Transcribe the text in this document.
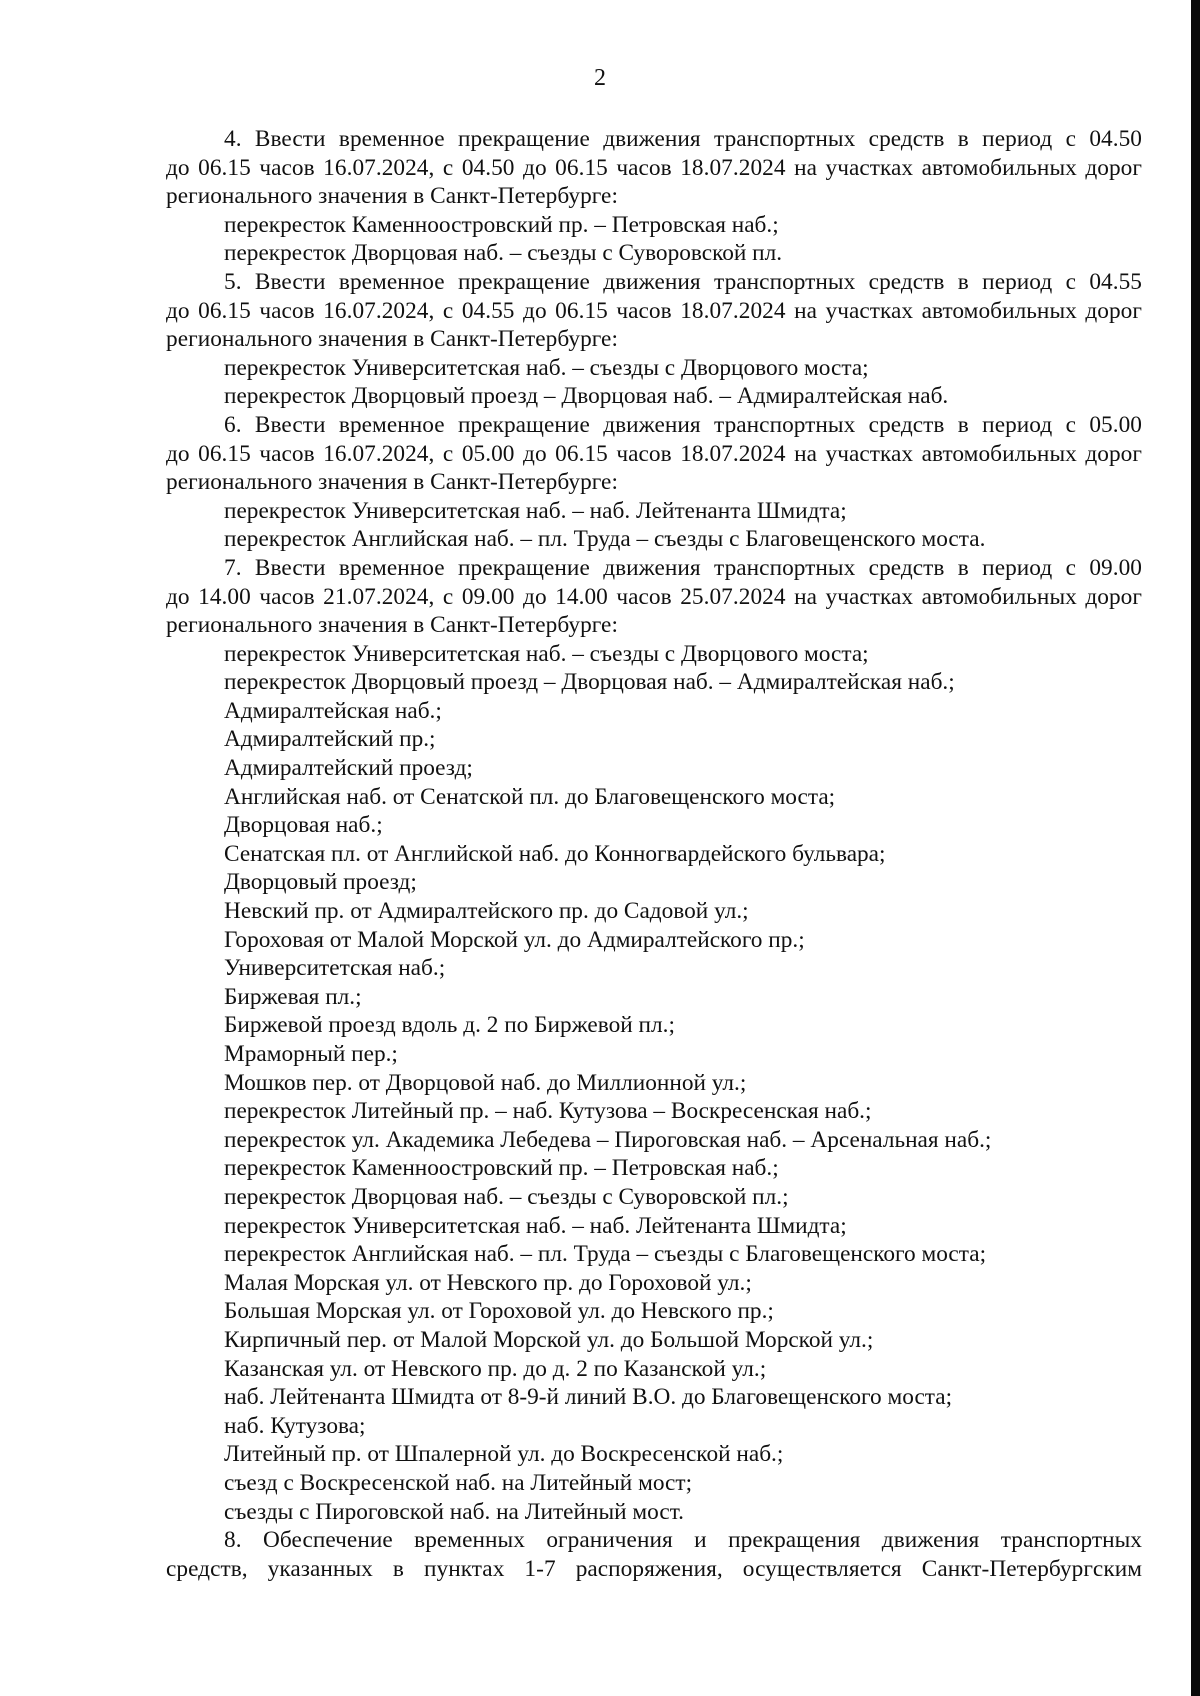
2
4. Ввести временное прекращение движения транспортных средств в период с 04.50
до 06.15 часов 16.07.2024, с 04.50 до 06.15 часов 18.07.2024 на участках автомобильных дорог
регионального значения в Санкт-Петербурге:
перекресток Каменноостровский пр. – Петровская наб.;
перекресток Дворцовая наб. – съезды с Суворовской пл.
5. Ввести временное прекращение движения транспортных средств в период с 04.55
до 06.15 часов 16.07.2024, с 04.55 до 06.15 часов 18.07.2024 на участках автомобильных дорог
регионального значения в Санкт-Петербурге:
перекресток Университетская наб. – съезды с Дворцового моста;
перекресток Дворцовый проезд – Дворцовая наб. – Адмиралтейская наб.
6. Ввести временное прекращение движения транспортных средств в период с 05.00
до 06.15 часов 16.07.2024, с 05.00 до 06.15 часов 18.07.2024 на участках автомобильных дорог
регионального значения в Санкт-Петербурге:
перекресток Университетская наб. – наб. Лейтенанта Шмидта;
перекресток Английская наб. – пл. Труда – съезды с Благовещенского моста.
7. Ввести временное прекращение движения транспортных средств в период с 09.00
до 14.00 часов 21.07.2024, с 09.00 до 14.00 часов 25.07.2024 на участках автомобильных дорог
регионального значения в Санкт-Петербурге:
перекресток Университетская наб. – съезды с Дворцового моста;
перекресток Дворцовый проезд – Дворцовая наб. – Адмиралтейская наб.;
Адмиралтейская наб.;
Адмиралтейский пр.;
Адмиралтейский проезд;
Английская наб. от Сенатской пл. до Благовещенского моста;
Дворцовая наб.;
Сенатская пл. от Английской наб. до Конногвардейского бульвара;
Дворцовый проезд;
Невский пр. от Адмиралтейского пр. до Садовой ул.;
Гороховая от Малой Морской ул. до Адмиралтейского пр.;
Университетская наб.;
Биржевая пл.;
Биржевой проезд вдоль д. 2 по Биржевой пл.;
Мраморный пер.;
Мошков пер. от Дворцовой наб. до Миллионной ул.;
перекресток Литейный пр. – наб. Кутузова – Воскресенская наб.;
перекресток ул. Академика Лебедева – Пироговская наб. – Арсенальная наб.;
перекресток Каменноостровский пр. – Петровская наб.;
перекресток Дворцовая наб. – съезды с Суворовской пл.;
перекресток Университетская наб. – наб. Лейтенанта Шмидта;
перекресток Английская наб. – пл. Труда – съезды с Благовещенского моста;
Малая Морская ул. от Невского пр. до Гороховой ул.;
Большая Морская ул. от Гороховой ул. до Невского пр.;
Кирпичный пер. от Малой Морской ул. до Большой Морской ул.;
Казанская ул. от Невского пр. до д. 2 по Казанской ул.;
наб. Лейтенанта Шмидта от 8-9-й линий В.О. до Благовещенского моста;
наб. Кутузова;
Литейный пр. от Шпалерной ул. до Воскресенской наб.;
съезд с Воскресенской наб. на Литейный мост;
съезды с Пироговской наб. на Литейный мост.
8. Обеспечение временных ограничения и прекращения движения транспортных
средств, указанных в пунктах 1-7 распоряжения, осуществляется Санкт-Петербургским
